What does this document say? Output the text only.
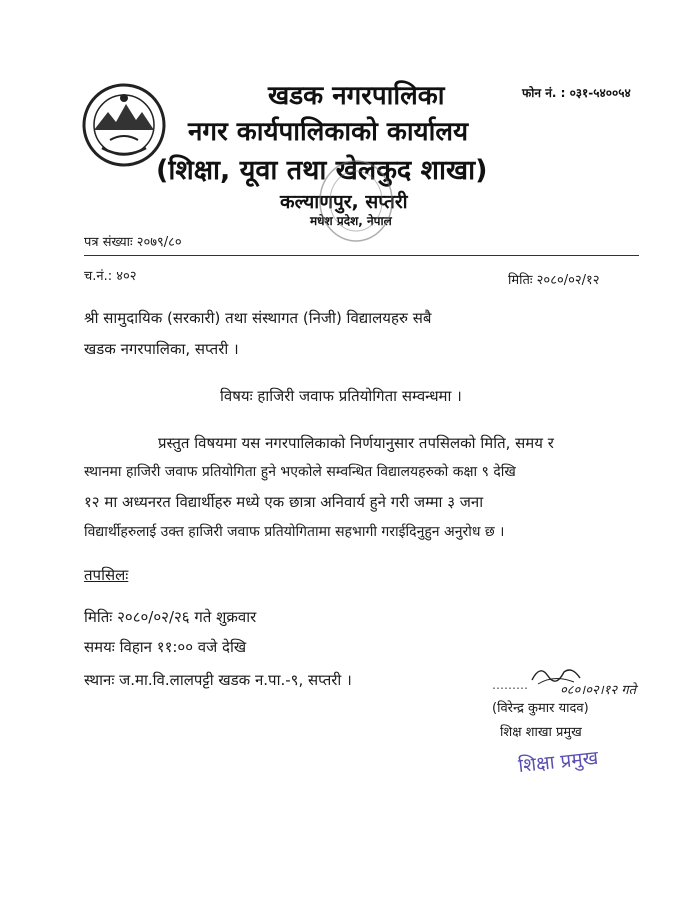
खडक नगरपालिका	फोन नं. : ०३१-५४००५४
नगर कार्यपालिकाको कार्यालय
(शिक्षा, यूवा तथा खेलकुद शाखा)
कल्याणपुर, सप्तरी
मधेश प्रदेश, नेपाल
पत्र संख्याः २०७९/८०
च.नं.: ४०२	मितिः २०८०/०२/१२
श्री सामुदायिक (सरकारी) तथा संस्थागत (निजी) विद्यालयहरु सबै
खडक नगरपालिका, सप्तरी ।
विषयः हाजिरी जवाफ प्रतियोगिता सम्वन्धमा ।
प्रस्तुत विषयमा यस नगरपालिकाको निर्णयानुसार तपसिलको मिति, समय र
स्थानमा हाजिरी जवाफ प्रतियोगिता हुने भएकोले सम्वन्धित विद्यालयहरुको कक्षा ९ देखि
१२ मा अध्यनरत विद्यार्थीहरु मध्ये एक छात्रा अनिवार्य हुने गरी जम्मा ३ जना
विद्यार्थीहरुलाई उक्त हाजिरी जवाफ प्रतियोगितामा सहभागी गराईदिनुहुन अनुरोध छ ।
तपसिलः
मितिः २०८०/०२/२६ गते शुक्रवार
समयः विहान ११:०० वजे देखि
स्थानः ज.मा.वि.लालपट्टी खडक न.पा.-९, सप्तरी ।	……… ०८०।०२।१२ गते
(विरेन्द्र कुमार यादव)
शिक्ष शाखा प्रमुख
शिक्षा प्रमुख
